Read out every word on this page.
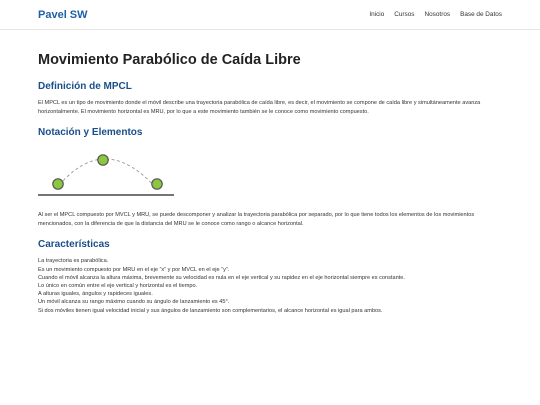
Pavel SW	Inicio Cursos Nosotros Base de Datos
Movimiento Parabólico de Caída Libre
Definición de MPCL

El MPCL es un tipo de movimiento donde el móvil describe una trayectoria parabólica de caída libre, es decir, el movimiento se compone de caída libre y simultáneamente avanza horizontalmente. El movimiento horizontal es MRU, por lo que a este movimiento también se le conoce como movimiento compuesto.

Notación y Elementos

Al ser el MPCL compuesto por MVCL y MRU, se puede descomponer y analizar la trayectoria parabólica por separado, por lo que tiene todos los elementos de los movimientos mencionados, con la diferencia de que la distancia del MRU se le conoce como rango o alcance horizontal.

Características

La trayectoria es parabólica.

Es un movimiento compuesto por MRU en el eje “x” y por MVCL en el eje “y”.

Cuando el móvil alcanza la altura máxima, brevemente su velocidad es nula en el eje vertical y su rapidez en el eje horizontal siempre es constante.

Lo único en común entre el eje vertical y horizontal es el tiempo.

A alturas iguales, ángulos y rapideces iguales.

Un móvil alcanza su rango máximo cuando su ángulo de lanzamiento es 45°.

Si dos móviles tienen igual velocidad inicial y sus ángulos de lanzamiento son complementarios, el alcance horizontal es igual para ambos.
